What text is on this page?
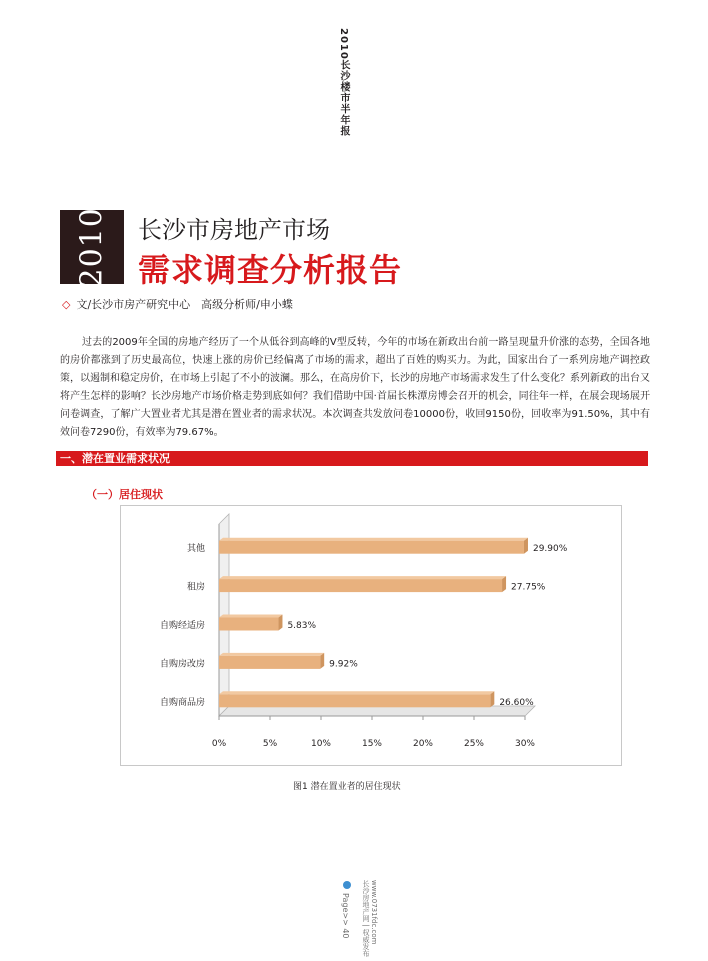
2010长沙楼市半年报
2010 长沙市房地产市场
需求调查分析报告
◇ 文/长沙市房产研究中心　高级分析师/申小蝶

过去的2009年全国的房地产经历了一个从低谷到高峰的V型反转，今年的市场在新政出台前一路呈现量升价涨的态势，全国各地的房价都涨到了历史最高位，快速上涨的房价已经偏离了市场的需求，超出了百姓的购买力。为此，国家出台了一系列房地产调控政策，以遏制和稳定房价，在市场上引起了不小的波澜。那么，在高房价下，长沙的房地产市场需求发生了什么变化？系列新政的出台又将产生怎样的影响？长沙房地产市场价格走势到底如何？我们借助中国·首届长株潭房博会召开的机会，同往年一样，在展会现场展开问卷调查，了解广大置业者尤其是潜在置业者的需求状况。本次调查共发放问卷10000份，收回9150份，回收率为91.50%，其中有效问卷7290份，有效率为79.67%。

一、潜在置业需求状况
（一）居住现状
0%	5%	10%	15%	20%	25%	30%
其他	29.90%
租房	27.75%
自购经适房	5.83%
自购房改房	9.92%
自购商品房	26.60%
图1 潜在置业者的居住现状
www.0731fdc.com
长沙房地产网 | 权威发布
Page>> 40
